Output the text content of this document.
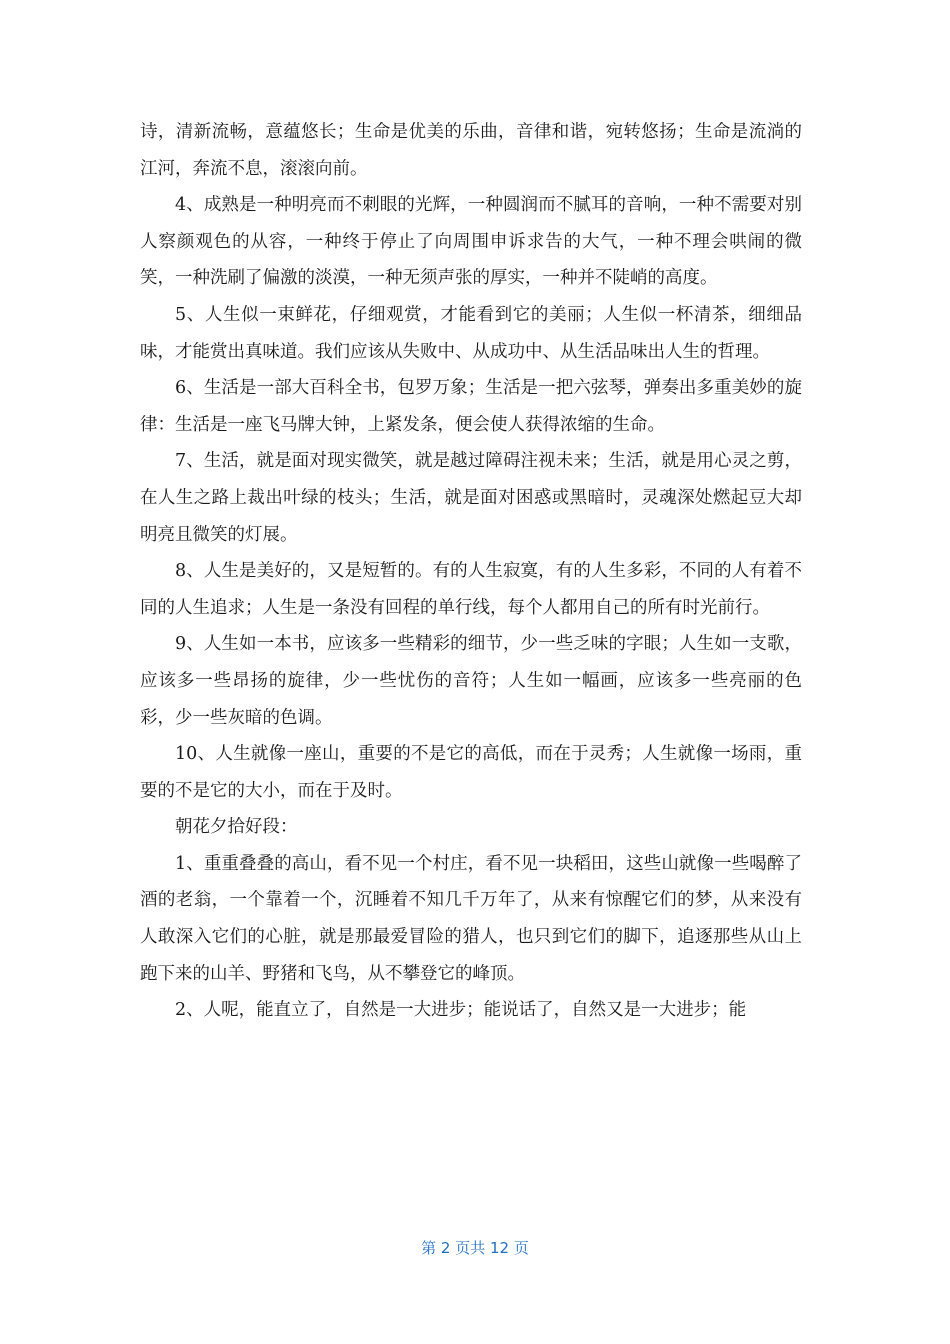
诗，清新流畅，意蕴悠长；生命是优美的乐曲，音律和谐，宛转悠扬；生命是流淌的江河，奔流不息，滚滚向前。

4、成熟是一种明亮而不刺眼的光辉，一种圆润而不腻耳的音响，一种不需要对别人察颜观色的从容，一种终于停止了向周围申诉求告的大气，一种不理会哄闹的微笑，一种洗刷了偏激的淡漠，一种无须声张的厚实，一种并不陡峭的高度。

5、人生似一束鲜花，仔细观赏，才能看到它的美丽；人生似一杯清茶，细细品味，才能赏出真味道。我们应该从失败中、从成功中、从生活品味出人生的哲理。

6、生活是一部大百科全书，包罗万象；生活是一把六弦琴，弹奏出多重美妙的旋律：生活是一座飞马牌大钟，上紧发条，便会使人获得浓缩的生命。

7、生活，就是面对现实微笑，就是越过障碍注视未来；生活，就是用心灵之剪，在人生之路上裁出叶绿的枝头；生活，就是面对困惑或黑暗时，灵魂深处燃起豆大却明亮且微笑的灯展。

8、人生是美好的，又是短暂的。有的人生寂寞，有的人生多彩，不同的人有着不同的人生追求；人生是一条没有回程的单行线，每个人都用自己的所有时光前行。

9、人生如一本书，应该多一些精彩的细节，少一些乏味的字眼；人生如一支歌，应该多一些昂扬的旋律，少一些忧伤的音符；人生如一幅画，应该多一些亮丽的色彩，少一些灰暗的色调。

10、人生就像一座山，重要的不是它的高低，而在于灵秀；人生就像一场雨，重要的不是它的大小，而在于及时。

朝花夕拾好段：

1、重重叠叠的高山，看不见一个村庄，看不见一块稻田，这些山就像一些喝醉了酒的老翁，一个靠着一个，沉睡着不知几千万年了，从来有惊醒它们的梦，从来没有人敢深入它们的心脏，就是那最爱冒险的猎人，也只到它们的脚下，追逐那些从山上跑下来的山羊、野猪和飞鸟，从不攀登它的峰顶。

2、人呢，能直立了，自然是一大进步；能说话了，自然又是一大进步；能

第 2 页共 12 页
